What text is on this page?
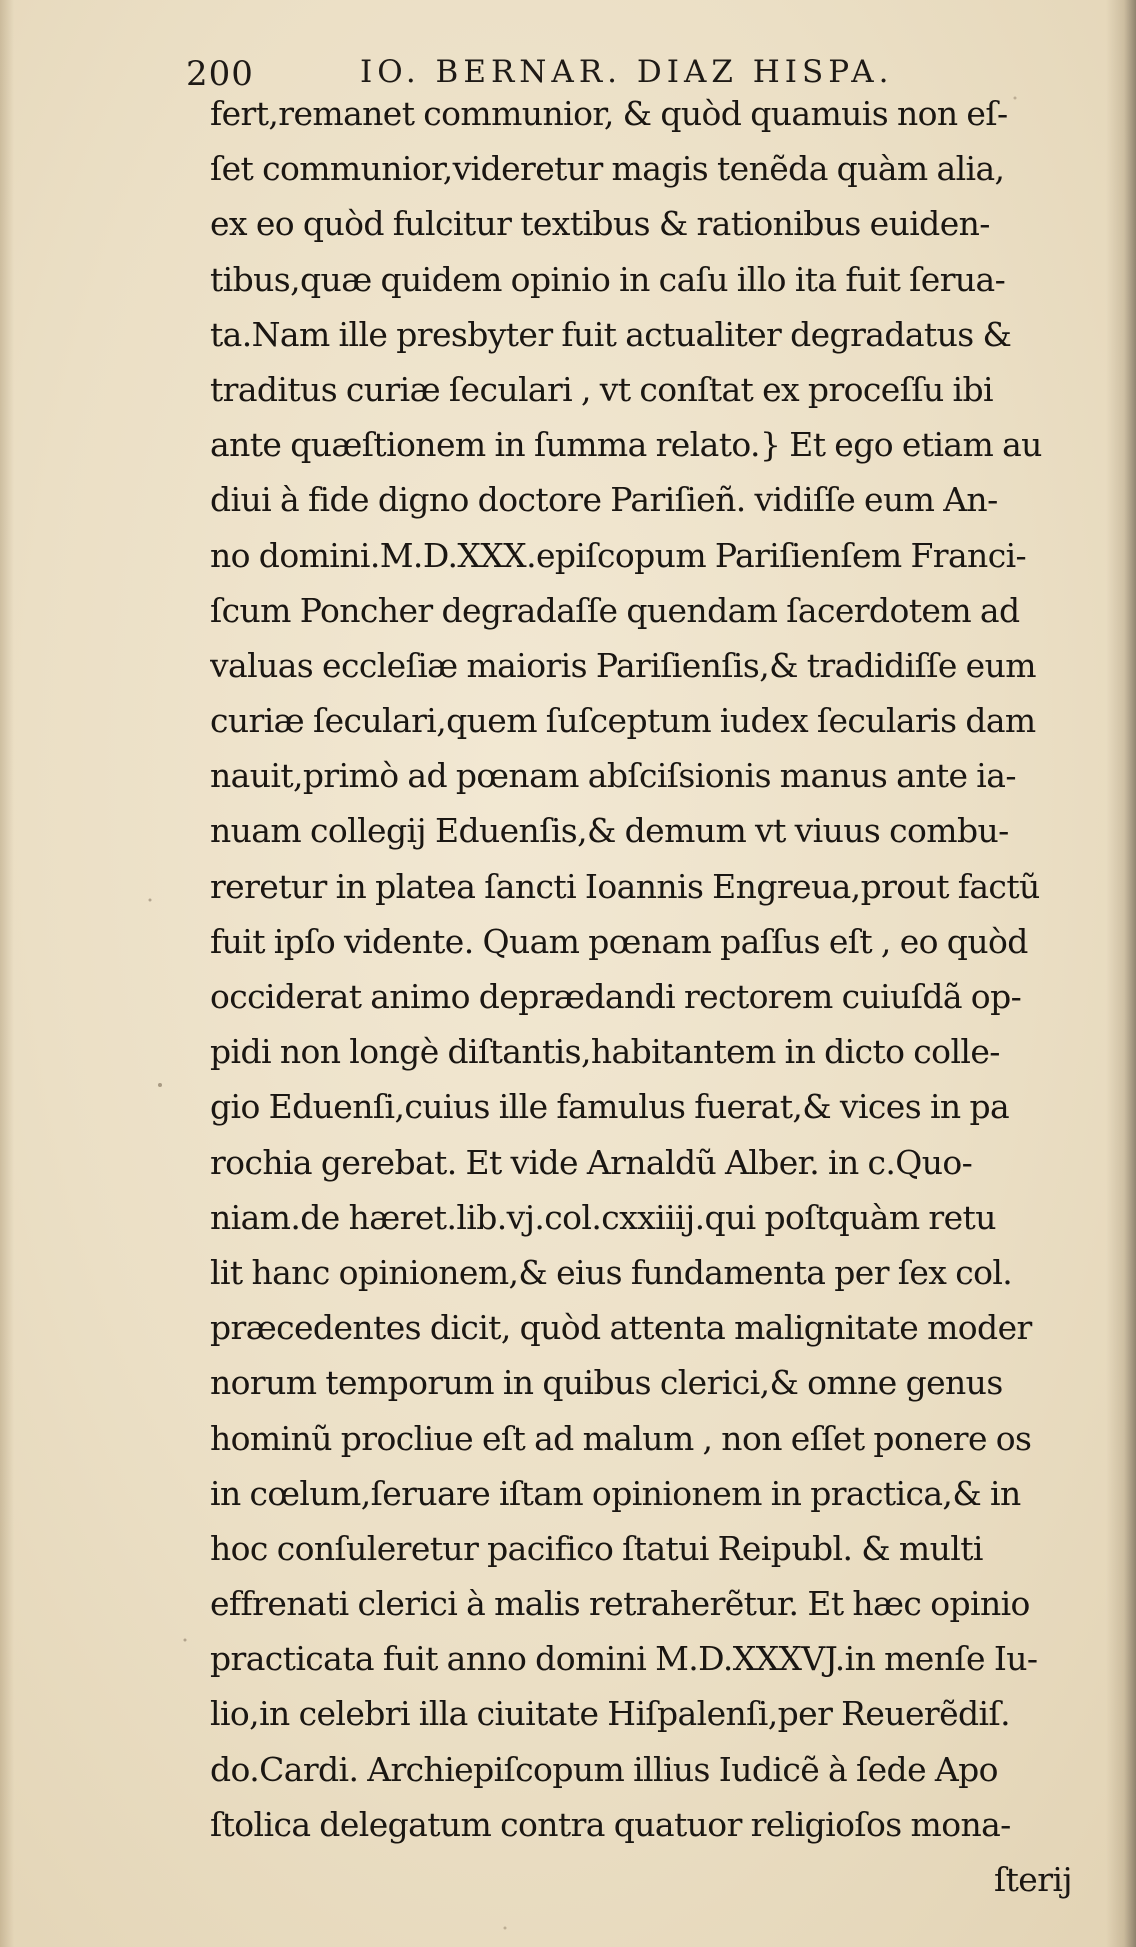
200	IO. BERNAR. DIAZ HISPA.
fert,remanet communior, & quòd quamuis non eſ-
ſet communior,videretur magis tenẽda quàm alia,
ex eo quòd fulcitur textibus & rationibus euiden-
tibus,quæ quidem opinio in caſu illo ita fuit ſerua-
ta.Nam ille presbyter fuit actualiter degradatus &
traditus curiæ ſeculari , vt conſtat ex proceſſu ibi
ante quæſtionem in ſumma relato.} Et ego etiam au
diui à fide digno doctore Pariſieñ. vidiſſe eum An-
no domini.M.D.XXX.epiſcopum Pariſienſem Franci-
ſcum Poncher degradaſſe quendam ſacerdotem ad
valuas eccleſiæ maioris Pariſienſis,& tradidiſſe eum
curiæ ſeculari,quem ſuſceptum iudex ſecularis dam
nauit,primò ad pœnam abſciſsionis manus ante ia-
nuam collegij Eduenſis,& demum vt viuus combu-
reretur in platea ſancti Ioannis Engreua,prout factũ
fuit ipſo vidente. Quam pœnam paſſus eſt , eo quòd
occiderat animo deprædandi rectorem cuiuſdã op-
pidi non longè diſtantis,habitantem in dicto colle-
gio Eduenſi,cuius ille famulus fuerat,& vices in pa
rochia gerebat. Et vide Arnaldũ Alber. in c.Quo-
niam.de hæret.lib.vj.col.cxxiiij.qui poſtquàm retu
lit hanc opinionem,& eius fundamenta per ſex col.
præcedentes dicit, quòd attenta malignitate moder
norum temporum in quibus clerici,& omne genus
hominũ procliue eſt ad malum , non eſſet ponere os
in cœlum,ſeruare iſtam opinionem in practica,& in
hoc conſuleretur pacifico ſtatui Reipubl. & multi
effrenati clerici à malis retraherẽtur. Et hæc opinio
practicata fuit anno domini M.D.XXXVJ.in menſe Iu-
lio,in celebri illa ciuitate Hiſpalenſi,per Reuerẽdiſ.
do.Cardi. Archiepiſcopum illius Iudicẽ à ſede Apo
ſtolica delegatum contra quatuor religioſos mona-
ſterij
